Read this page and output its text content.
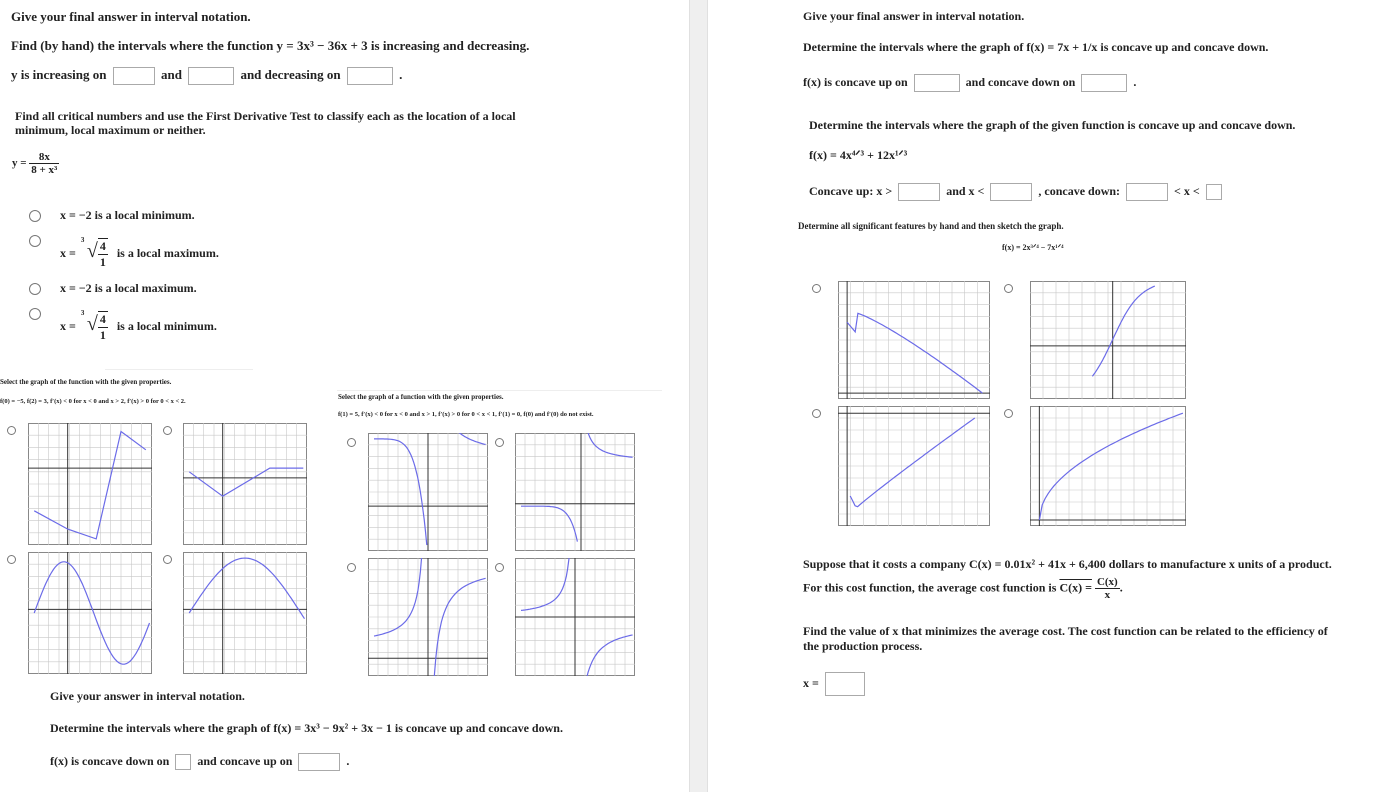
Give your final answer in interval notation.
Find (by hand) the intervals where the function y = 3x³ − 36x + 3 is increasing and decreasing.
y is increasing on	and	and decreasing on	.
Find all critical numbers and use the First Derivative Test to classify each as the location of a local
minimum, local maximum or neither.
$y = \frac{8x}{\text{8 + x³}}$
x = −2 is a local minimum.
x =
3 √ $\frac{4}{1}$ is a local maximum.
x = −2 is a local maximum.
x =
3 √ $\frac{4}{1}$ is a local minimum.
Select the graph of the function with the given properties.
f(0) = −5, f(2) = 3, f′(x) < 0 for x < 0 and x > 2, f′(x) > 0 for 0 < x < 2.
Select the graph of a function with the given properties.
f(1) = 5, f′(x) < 0 for x < 0 and x > 1, f′(x) > 0 for 0 < x < 1, f′(1) = 0, f(0) and f′(0) do not exist.
Give your answer in interval notation.
Determine the intervals where the graph of f(x) = 3x³ − 9x² + 3x − 1 is concave up and concave down.
f(x) is concave down on and concave up on	.
Give your final answer in interval notation.
Determine the intervals where the graph of f(x) = 7x + 1/x is concave up and concave down.
f(x) is concave up on	and concave down on	.
Determine the intervals where the graph of the given function is concave up and concave down.
f(x) = 4x⁴ᐟ³ + 12x¹ᐟ³
Concave up: x >	and x <	, concave down:	< x <
Determine all significant features by hand and then sketch the graph.
f(x) = 2x³ᐟ⁴ − 7x¹ᐟ⁴
Suppose that it costs a company C(x) = 0.01x² + 41x + 6,400 dollars to manufacture x units of a product.
For this cost function, the average cost function is $C(x) = \frac{C(x)}{x}$ .
Find the value of x that minimizes the average cost. The cost function can be related to the efficiency of
the production process.
x =
